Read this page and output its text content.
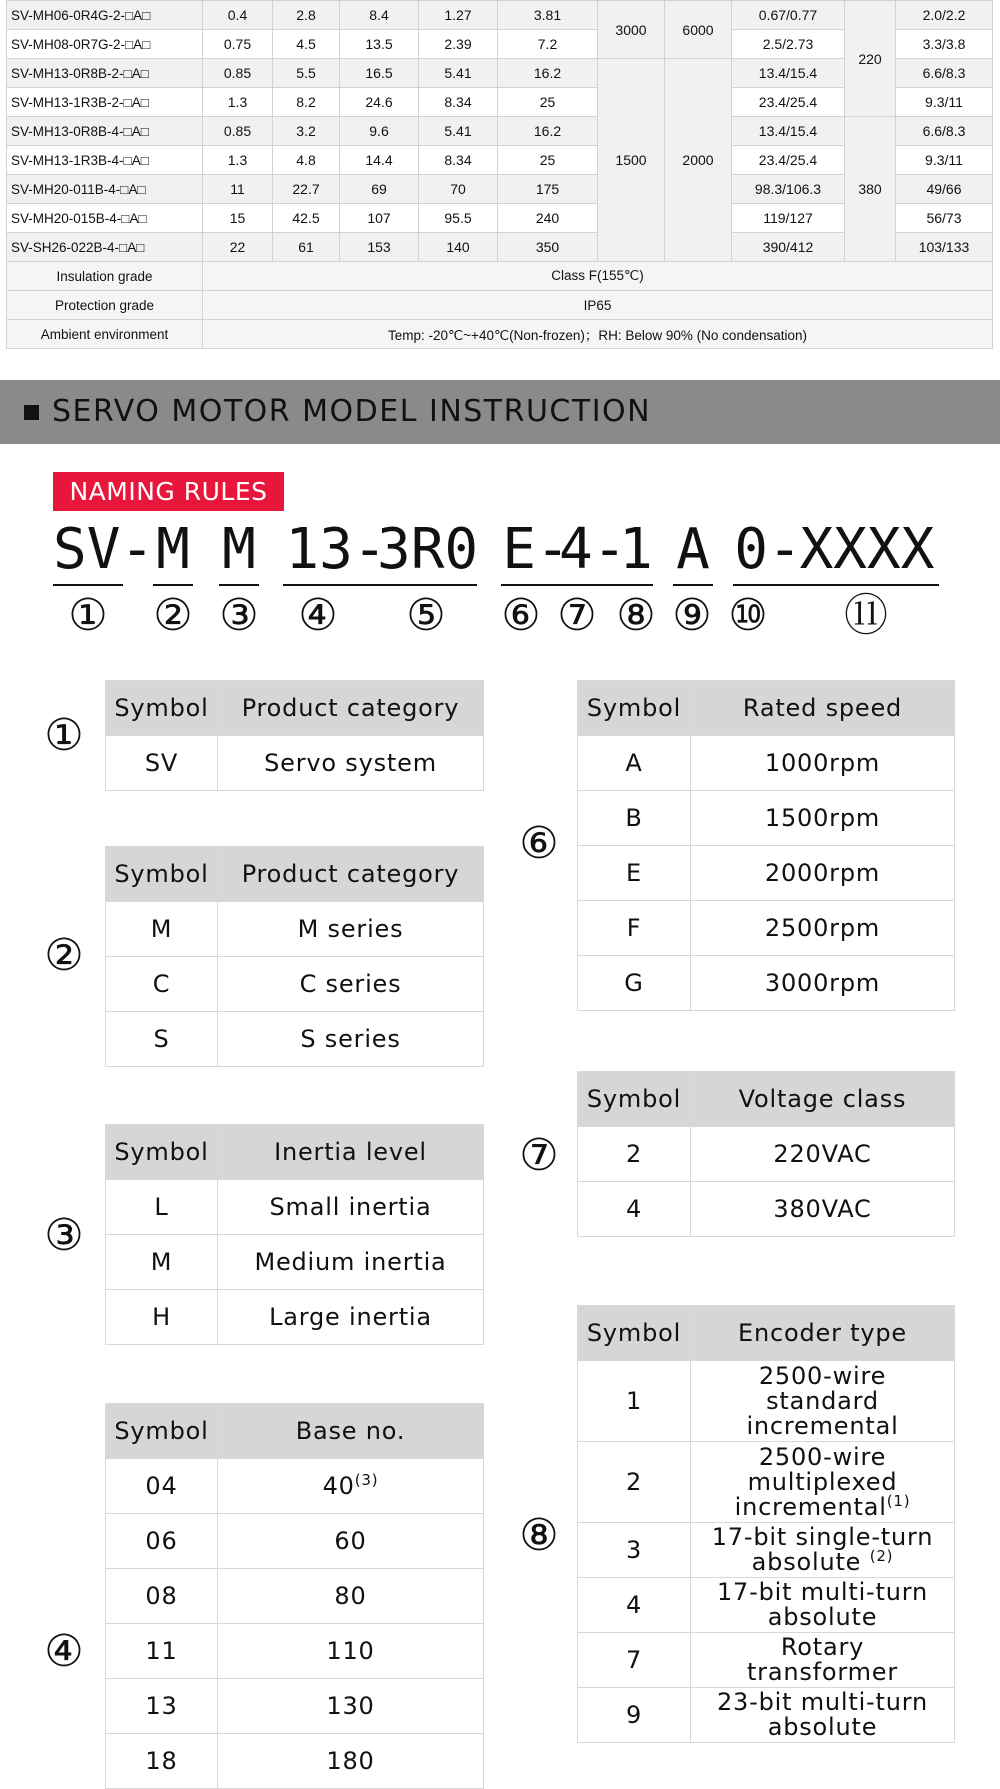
SV-MH06-0R4G-2-□A□	0.4	2.8	8.4	1.27	3.81	3000	6000	0.67/0.77	220	2.0/2.2
SV-MH08-0R7G-2-□A□	0.75	4.5	13.5	2.39	7.2			2.5/2.73		3.3/3.8
SV-MH13-0R8B-2-□A□	0.85	5.5	16.5	5.41	16.2	1500	2000	13.4/15.4		6.6/8.3
SV-MH13-1R3B-2-□A□	1.3	8.2	24.6	8.34	25			23.4/25.4		9.3/11
SV-MH13-0R8B-4-□A□	0.85	3.2	9.6	5.41	16.2			13.4/15.4	380	6.6/8.3
SV-MH13-1R3B-4-□A□	1.3	4.8	14.4	8.34	25			23.4/25.4		9.3/11
SV-MH20-011B-4-□A□	11	22.7	69	70	175			98.3/106.3		49/66
SV-MH20-015B-4-□A□	15	42.5	107	95.5	240			119/127		56/73
SV-SH26-022B-4-□A□	22	61	153	140	350			390/412		103/133
Insulation grade	Class F(155℃)									
Protection grade	IP65									
Ambient environment	Temp: -20℃~+40℃(Non-frozen)；RH: Below 90% (No condensation)									
SERVO MOTOR MODEL INSTRUCTION
NAMING RULES
SV- M M 13-
3R0 E-
4-
1 A 0-
XXXX
① ② ③ ④ ⑤ ⑥ ⑦ ⑧ ⑨ ⑩ ⑪
①
Symbol	Product category
SV	Servo system
②
Symbol	Product category
M	M series
C	C series
S	S series
③
Symbol	Inertia level
L	Small inertia
M	Medium inertia
H	Large inertia
④
Symbol	Base no.
04	40$^{(3)}$
06	60
08	80
11	110
13	130
18	180
⑥
Symbol	Rated speed
A	1000rpm
B	1500rpm
E	2000rpm
F	2500rpm
G	3000rpm
⑦
Symbol	Voltage class
2	220VAC
4	380VAC
⑧
Symbol	Encoder type
1	2500-wire
standard
incremental

2	2500-wire
multiplexed
incremental$^{(1)}$

3	17-bit single-turn
absolute $^{(2)}$

4	17-bit multi-turn
absolute

7	Rotary
transformer

9	23-bit multi-turn
absolute
